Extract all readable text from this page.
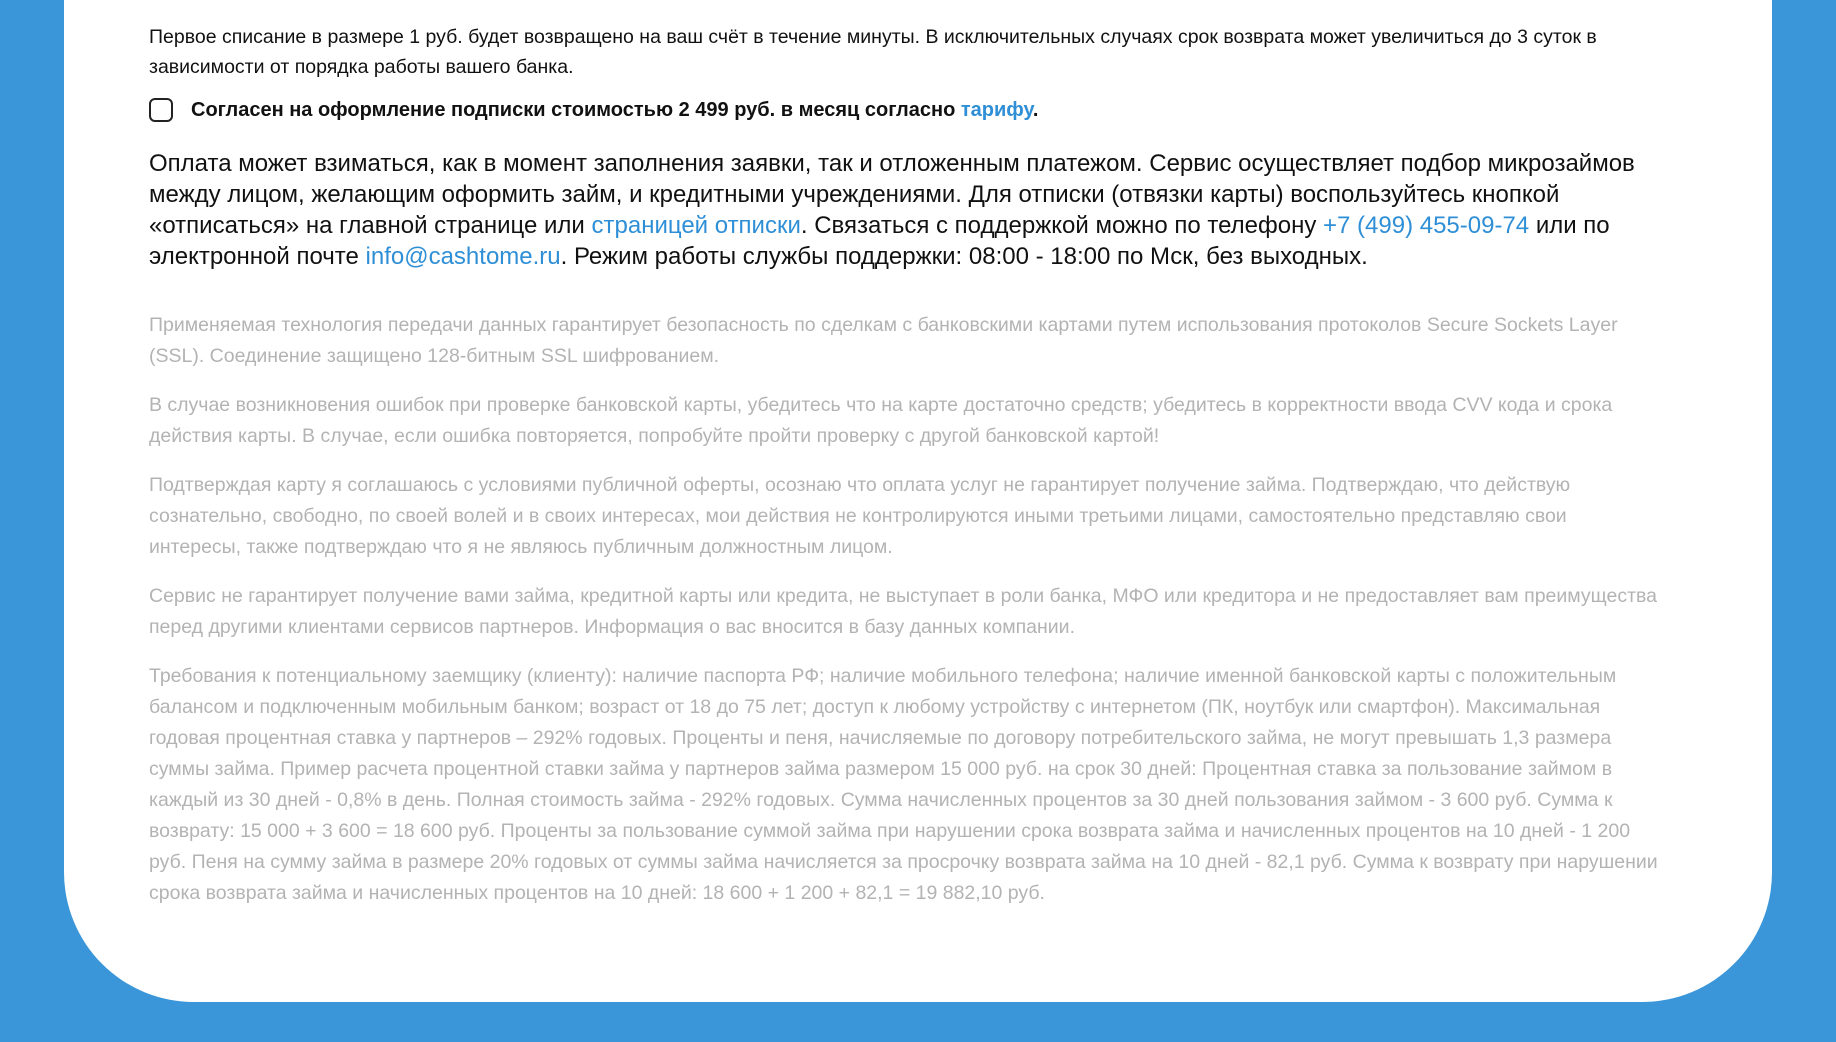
Первое списание в размере 1 руб. будет возвращено на ваш счёт в течение минуты. В исключительных случаях срок возврата может увеличиться до 3 суток в зависимости от порядка работы вашего банка.

Согласен на оформление подписки стоимостью 2 499 руб. в месяц согласно тарифу.

Оплата может взиматься, как в момент заполнения заявки, так и отложенным платежом. Сервис осуществляет подбор микрозаймов между лицом, желающим оформить займ, и кредитными учреждениями. Для отписки (отвязки карты) воспользуйтесь кнопкой «отписаться» на главной странице или страницей отписки. Связаться с поддержкой можно по телефону +7 (499) 455-09-74 или по электронной почте info@cashtome.ru. Режим работы службы поддержки: 08:00 - 18:00 по Мск, без выходных.

Применяемая технология передачи данных гарантирует безопасность по сделкам с банковскими картами путем использования протоколов Secure Sockets Layer (SSL). Соединение защищено 128-битным SSL шифрованием.

В случае возникновения ошибок при проверке банковской карты, убедитесь что на карте достаточно средств; убедитесь в корректности ввода CVV кода и срока действия карты. В случае, если ошибка повторяется, попробуйте пройти проверку с другой банковской картой!

Подтверждая карту я соглашаюсь с условиями публичной оферты, осознаю что оплата услуг не гарантирует получение займа. Подтверждаю, что действую сознательно, свободно, по своей волей и в своих интересах, мои действия не контролируются иными третьими лицами, самостоятельно представляю свои интересы, также подтверждаю что я не являюсь публичным должностным лицом.

Сервис не гарантирует получение вами займа, кредитной карты или кредита, не выступает в роли банка, МФО или кредитора и не предоставляет вам преимущества перед другими клиентами сервисов партнеров. Информация о вас вносится в базу данных компании.

Требования к потенциальному заемщику (клиенту): наличие паспорта РФ; наличие мобильного телефона; наличие именной банковской карты с положительным балансом и подключенным мобильным банком; возраст от 18 до 75 лет; доступ к любому устройству с интернетом (ПК, ноутбук или смартфон). Максимальная годовая процентная ставка у партнеров – 292% годовых. Проценты и пеня, начисляемые по договору потребительского займа, не могут превышать 1,3 размера суммы займа. Пример расчета процентной ставки займа у партнеров займа размером 15 000 руб. на срок 30 дней: Процентная ставка за пользование займом в каждый из 30 дней - 0,8% в день. Полная стоимость займа - 292% годовых. Сумма начисленных процентов за 30 дней пользования займом - 3 600 руб. Сумма к возврату: 15 000 + 3 600 = 18 600 руб. Проценты за пользование суммой займа при нарушении срока возврата займа и начисленных процентов на 10 дней - 1 200 руб. Пеня на сумму займа в размере 20% годовых от суммы займа начисляется за просрочку возврата займа на 10 дней - 82,1 руб. Сумма к возврату при нарушении срока возврата займа и начисленных процентов на 10 дней: 18 600 + 1 200 + 82,1 = 19 882,10 руб.
